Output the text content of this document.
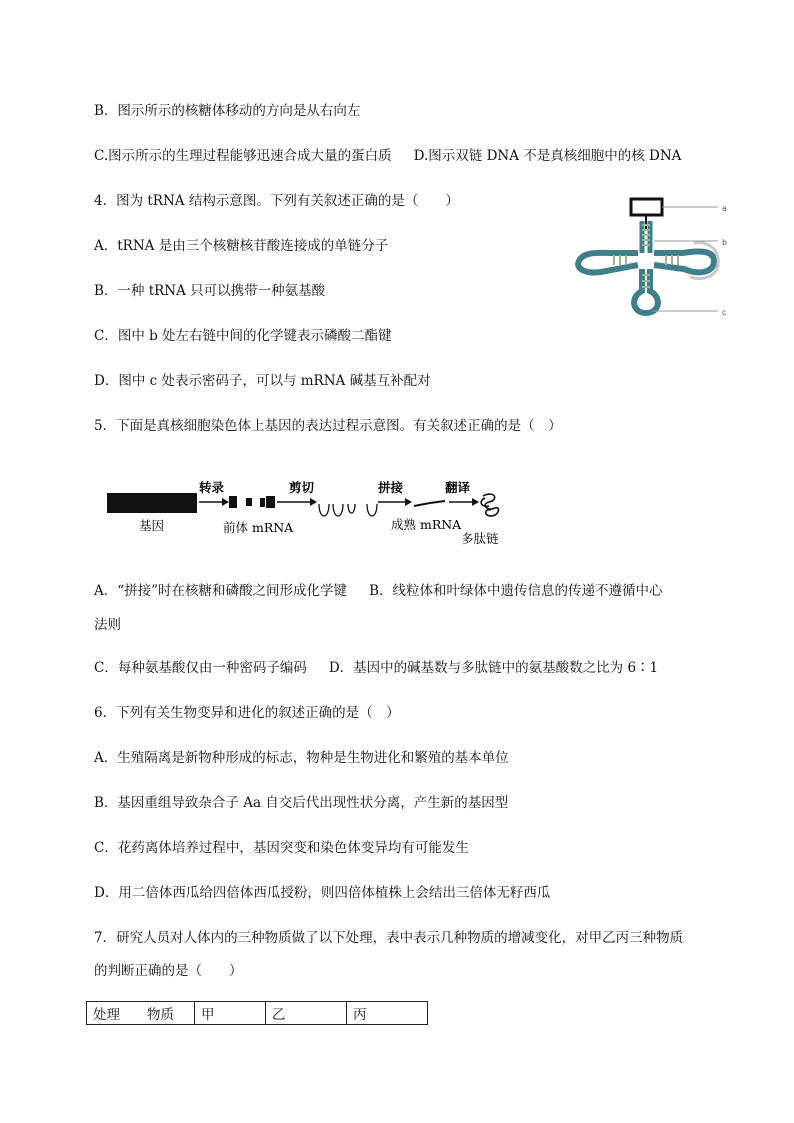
B．图示所示的核糖体移动的方向是从右向左
C.图示所示的生理过程能够迅速合成大量的蛋白质 D.图示双链 DNA 不是真核细胞中的核 DNA
4．图为 tRNA 结构示意图。下列有关叙述正确的是（　　）
A．tRNA 是由三个核糖核苷酸连接成的单链分子
B．一种 tRNA 只可以携带一种氨基酸
C．图中 b 处左右链中间的化学键表示磷酸二酯键
D．图中 c 处表示密码子，可以与 mRNA 碱基互补配对
a
b
c
5．下面是真核细胞染色体上基因的表达过程示意图。有关叙述正确的是（　）
转录	剪切	拼接	翻译
基因	前体 mRNA	成熟 mRNA
多肽链
A．“拼接”时在核糖和磷酸之间形成化学键 B．线粒体和叶绿体中遗传信息的传递不遵循中心
法则
C．每种氨基酸仅由一种密码子编码 D．基因中的碱基数与多肽链中的氨基酸数之比为 6∶1
6．下列有关生物变异和进化的叙述正确的是（　）
A．生殖隔离是新物种形成的标志，物种是生物进化和繁殖的基本单位
B．基因重组导致杂合子 Aa 自交后代出现性状分离，产生新的基因型
C．花药离体培养过程中，基因突变和染色体变异均有可能发生
D．用二倍体西瓜给四倍体西瓜授粉，则四倍体植株上会结出三倍体无籽西瓜
7．研究人员对人体内的三种物质做了以下处理，表中表示几种物质的增减变化，对甲乙丙三种物质
的判断正确的是（　　）
处理　　物质	甲	乙	丙
